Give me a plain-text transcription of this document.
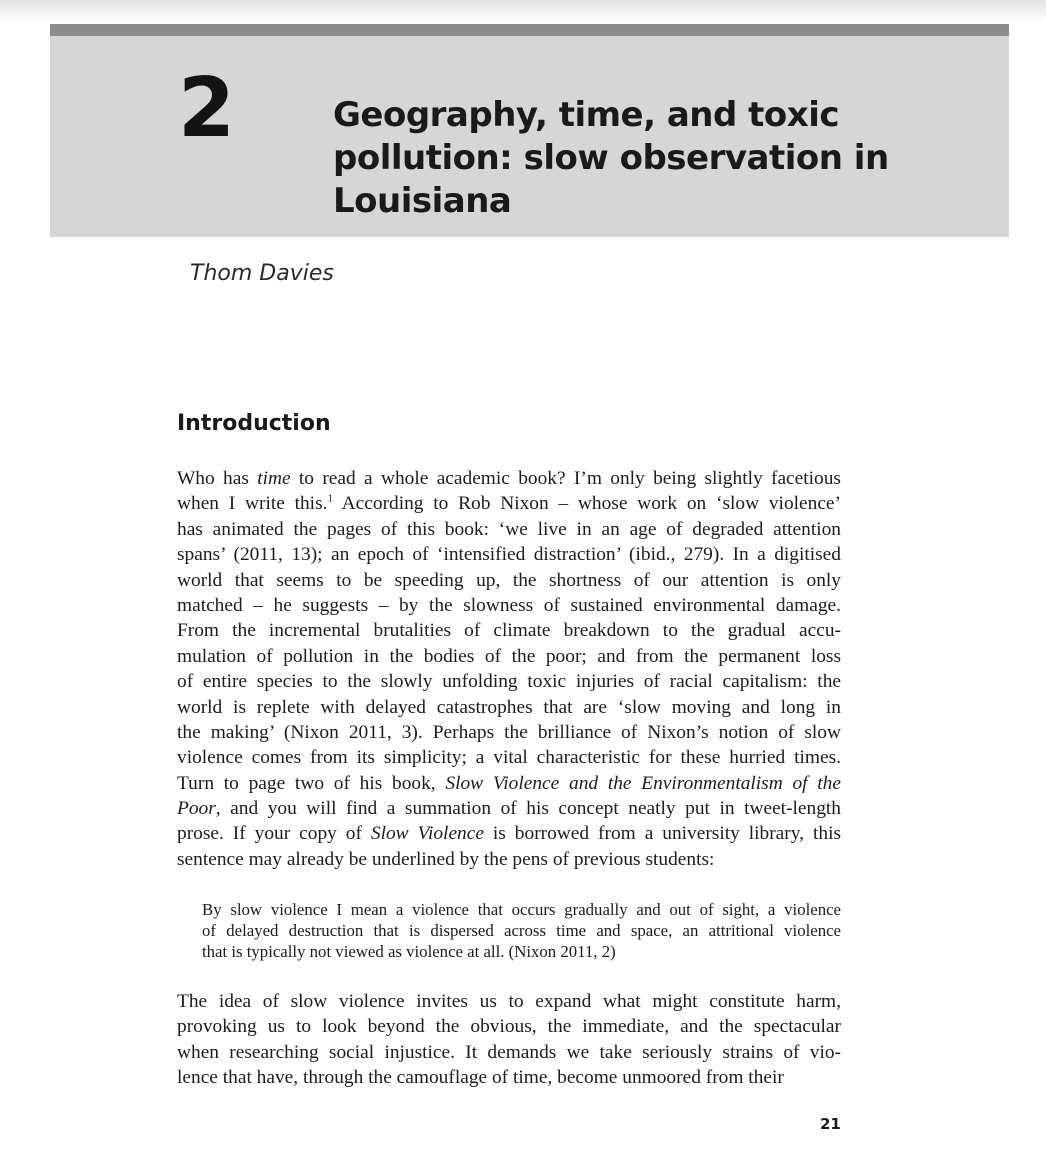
2	Geography, time, and toxic
pollution: slow observation in
Louisiana
Thom Davies
Introduction
Who has time to read a whole academic book? I’m only being slightly facetious
when I write this.$^1$ According to Rob Nixon – whose work on ‘slow violence’
has animated the pages of this book: ‘we live in an age of degraded attention
spans’ (2011, 13); an epoch of ‘intensified distraction’ (ibid., 279). In a digitised
world that seems to be speeding up, the shortness of our attention is only
matched – he suggests – by the slowness of sustained environmental damage.
From the incremental brutalities of climate breakdown to the gradual accu-
mulation of pollution in the bodies of the poor; and from the permanent loss
of entire species to the slowly unfolding toxic injuries of racial capitalism: the
world is replete with delayed catastrophes that are ‘slow moving and long in
the making’ (Nixon 2011, 3). Perhaps the brilliance of Nixon’s notion of slow
violence comes from its simplicity; a vital characteristic for these hurried times.
Turn to page two of his book, Slow Violence and the Environmentalism of the
Poor, and you will find a summation of his concept neatly put in tweet-length
prose. If your copy of Slow Violence is borrowed from a university library, this
sentence may already be underlined by the pens of previous students:
By slow violence I mean a violence that occurs gradually and out of sight, a violence
of delayed destruction that is dispersed across time and space, an attritional violence
that is typically not viewed as violence at all. (Nixon 2011, 2)
The idea of slow violence invites us to expand what might constitute harm,
provoking us to look beyond the obvious, the immediate, and the spectacular
when researching social injustice. It demands we take seriously strains of vio-
lence that have, through the camouflage of time, become unmoored from their
21
